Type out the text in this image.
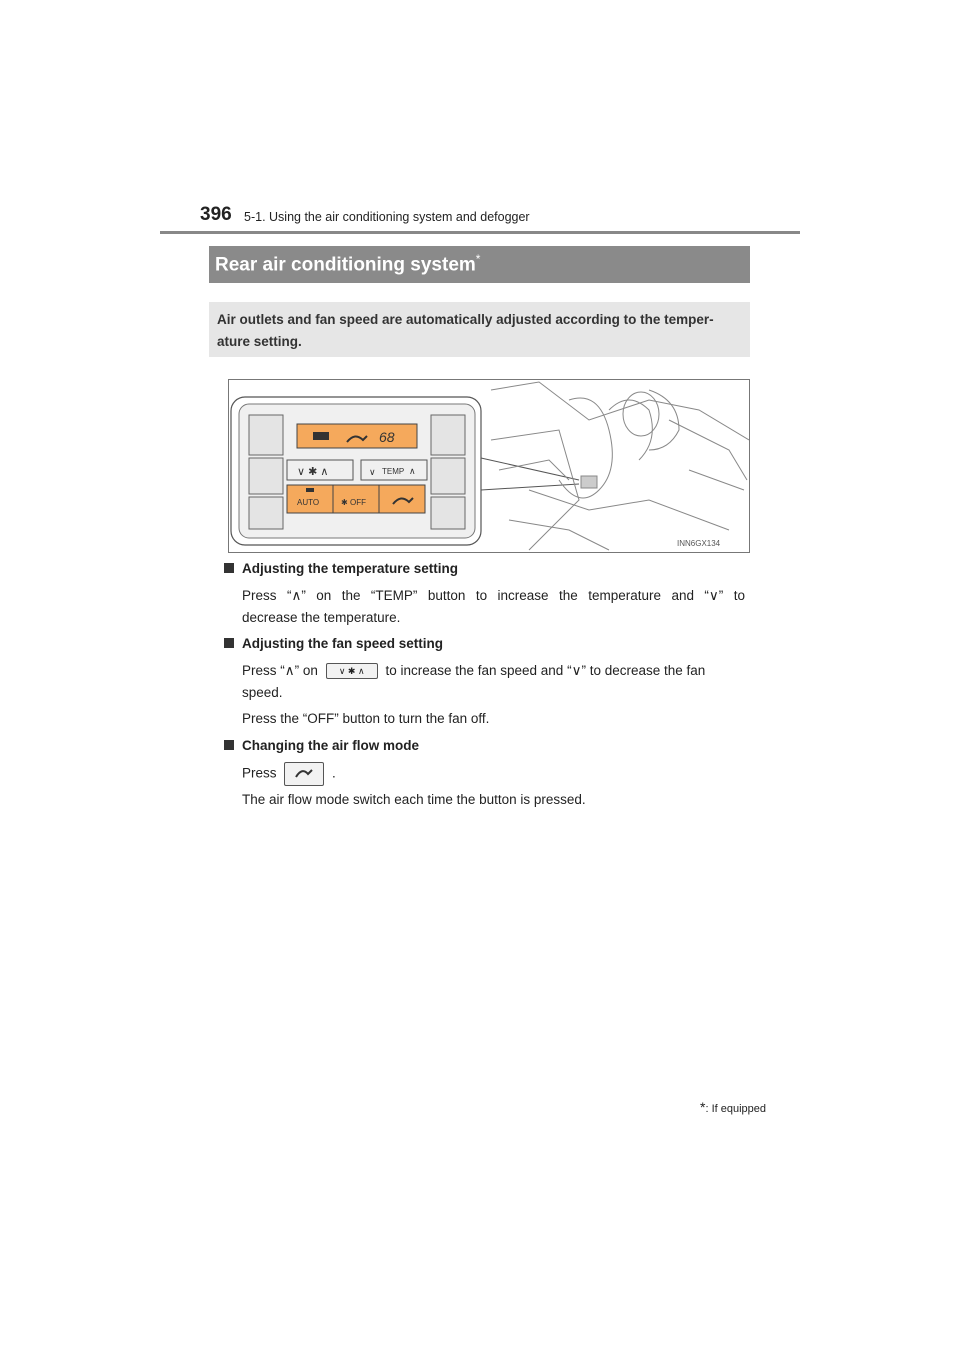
396 5-1. Using the air conditioning system and defogger
Rear air conditioning system*

Air outlets and fan speed are automatically adjusted according to the temper-ature setting.

68
∨ ✱ ∧	∨ TEMP ∧
AUTO	✱ OFF
INN6GX134
Adjusting the temperature setting
Press “∧” on the “TEMP” button to increase the temperature and “∨” to
decrease the temperature.
Adjusting the fan speed setting
Press “∧” on ∨ ✱ ∧ to increase the fan speed and “∨” to decrease the fan
speed.
Press the “OFF” button to turn the fan off.
Changing the air flow mode
Press	.
The air flow mode switch each time the button is pressed.
*: If equipped
